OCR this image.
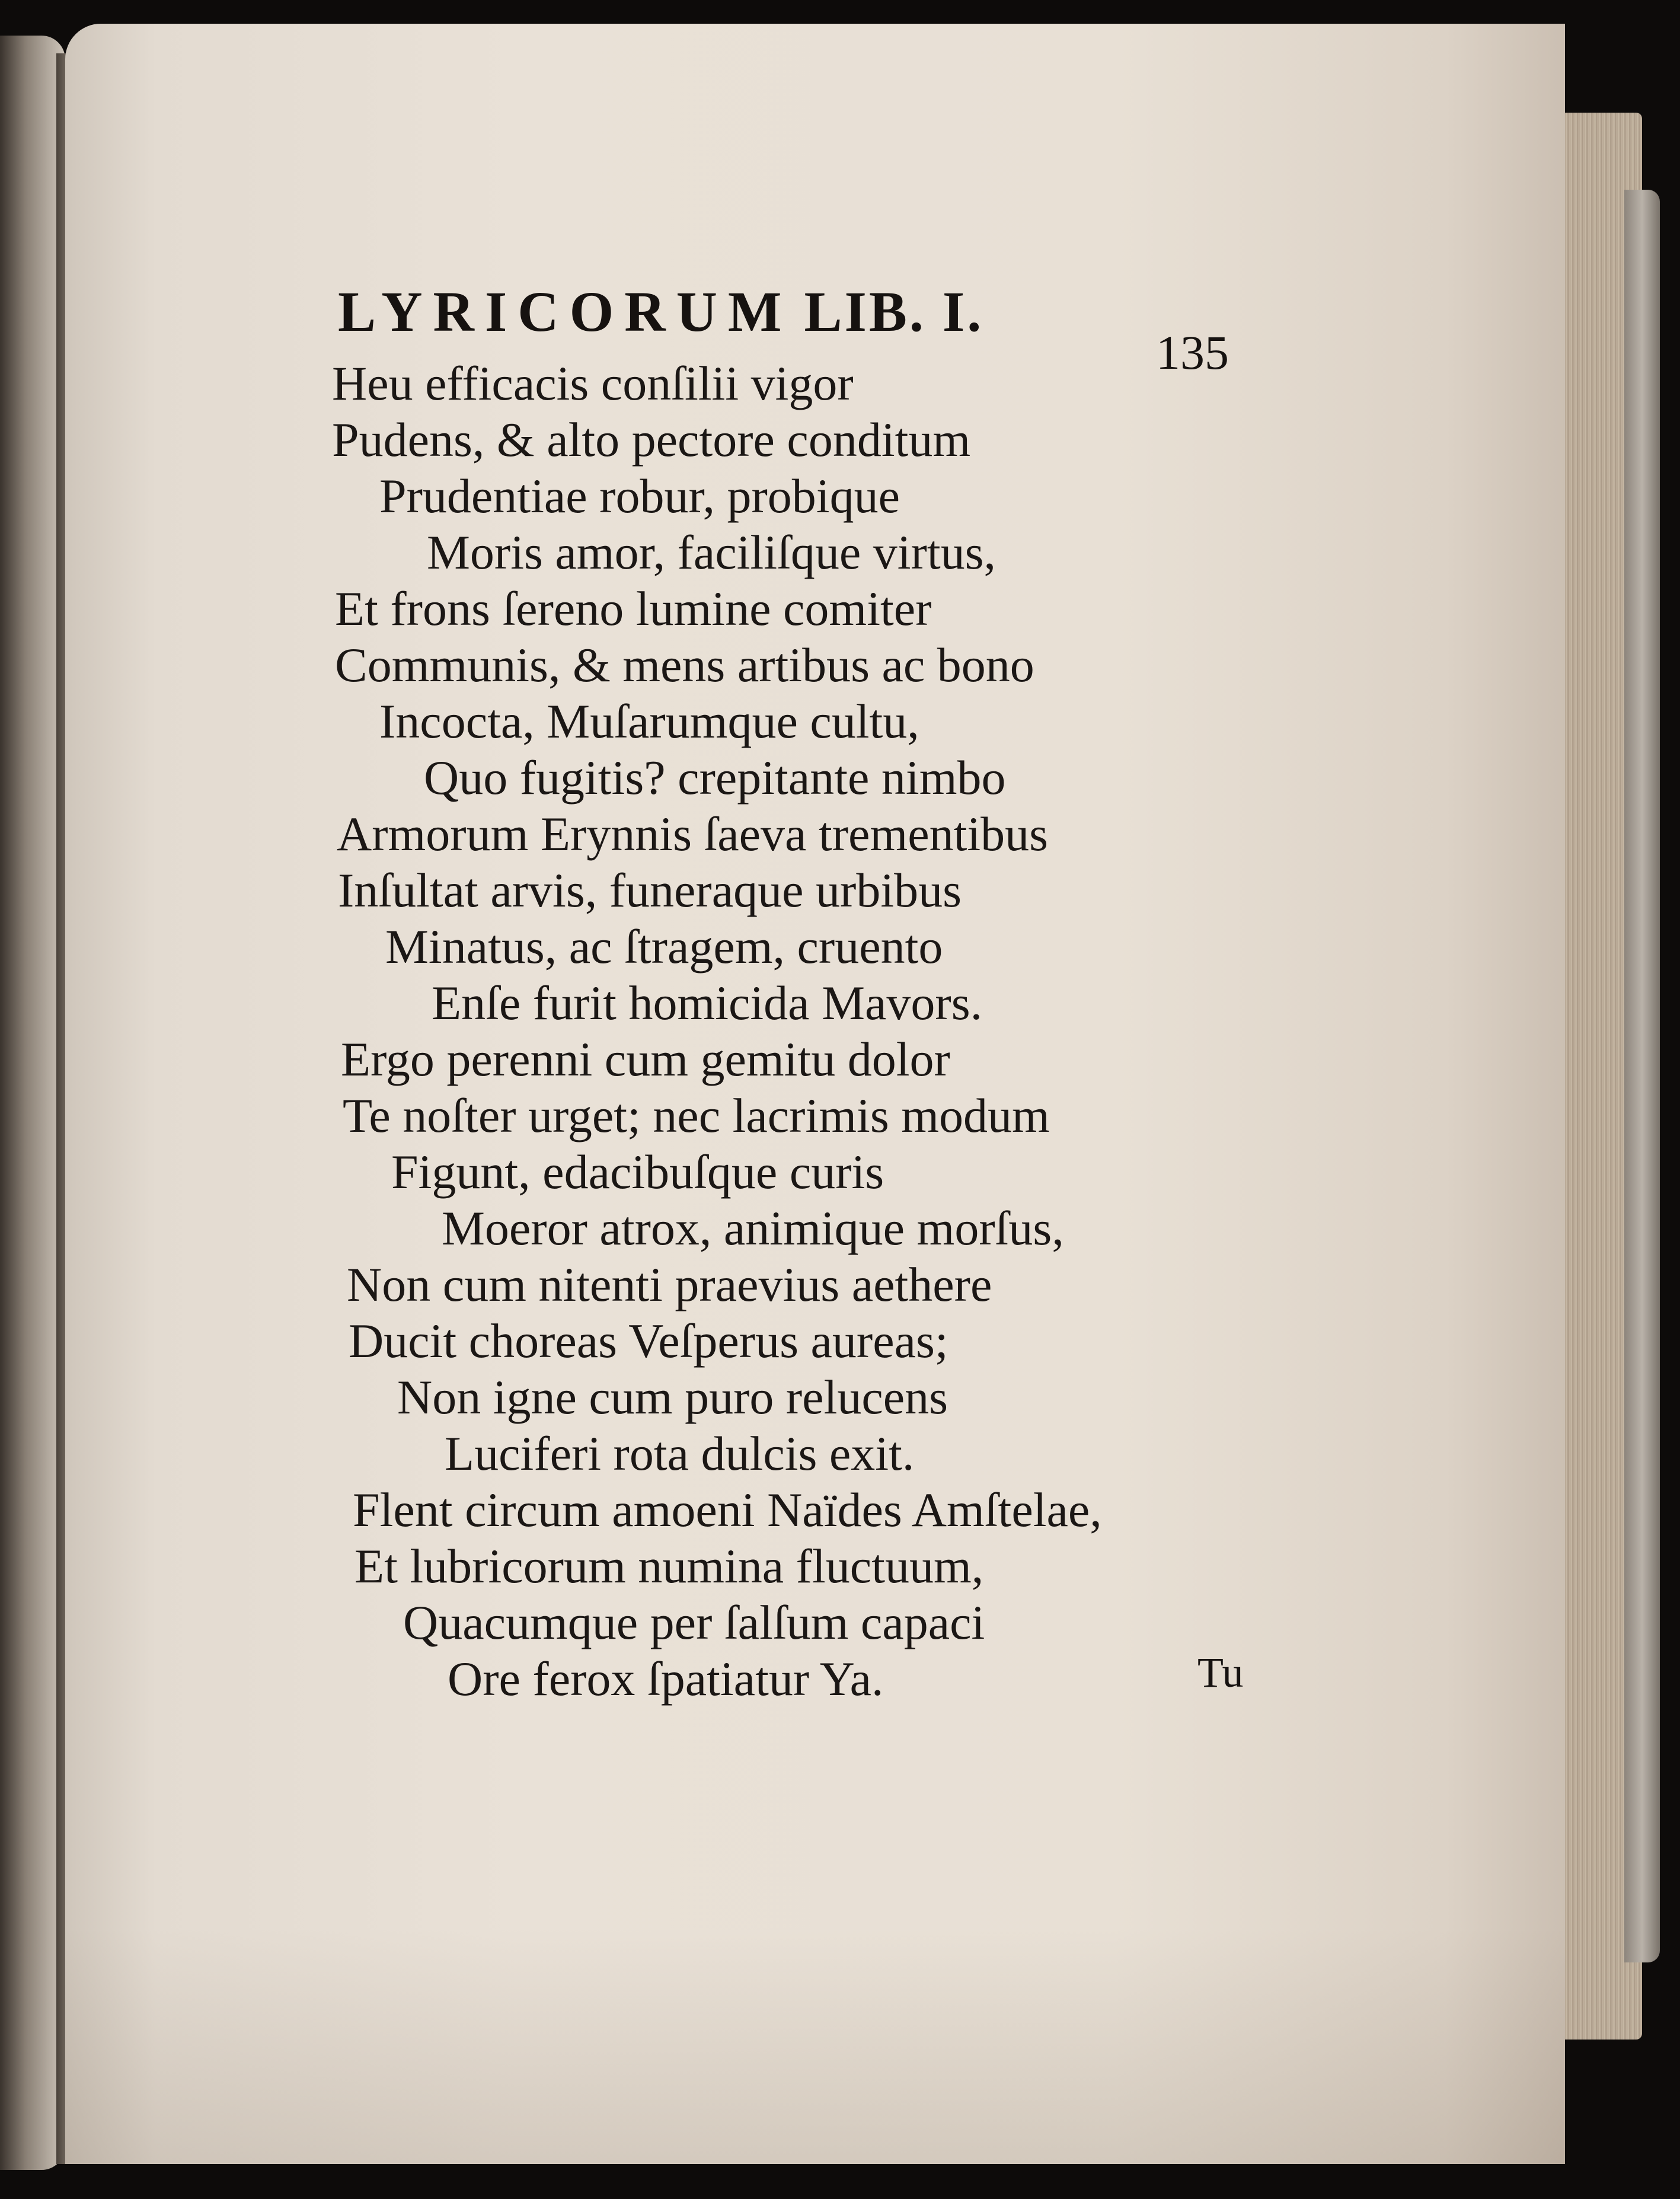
LYRICORUM LIB. I.
135
Heu efficacis conſilii vigor
Pudens, & alto pectore conditum
Prudentiae robur, probique
Moris amor, faciliſque virtus,
Et frons ſereno lumine comiter
Communis, & mens artibus ac bono
Incocta, Muſarumque cultu,
Quo fugitis? crepitante nimbo
Armorum Erynnis ſaeva trementibus
Inſultat arvis, funeraque urbibus
Minatus, ac ſtragem, cruento
Enſe furit homicida Mavors.
Ergo perenni cum gemitu dolor
Te noſter urget; nec lacrimis modum
Figunt, edacibuſque curis
Moeror atrox, animique morſus,
Non cum nitenti praevius aethere
Ducit choreas Veſperus aureas;
Non igne cum puro relucens
Luciferi rota dulcis exit.
Flent circum amoeni Naïdes Amſtelae,
Et lubricorum numina fluctuum,
Quacumque per ſalſum capaci
Ore ferox ſpatiatur Ya.	Tu
